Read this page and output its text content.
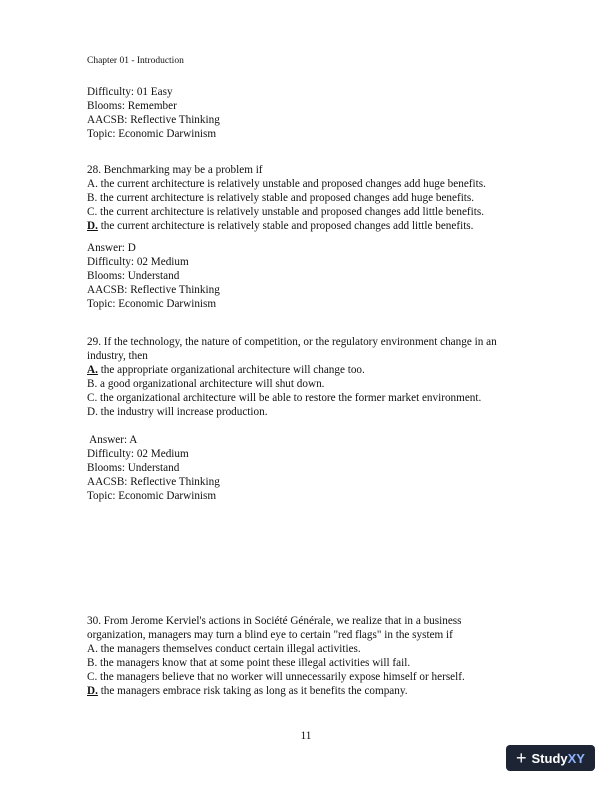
Chapter 01 - Introduction
Difficulty: 01 Easy
Blooms: Remember
AACSB: Reflective Thinking
Topic: Economic Darwinism
28. Benchmarking may be a problem if
A. the current architecture is relatively unstable and proposed changes add huge benefits.
B. the current architecture is relatively stable and proposed changes add huge benefits.
C. the current architecture is relatively unstable and proposed changes add little benefits.
D. the current architecture is relatively stable and proposed changes add little benefits.
Answer: D
Difficulty: 02 Medium
Blooms: Understand
AACSB: Reflective Thinking
Topic: Economic Darwinism
29. If the technology, the nature of competition, or the regulatory environment change in an
industry, then
A. the appropriate organizational architecture will change too.
B. a good organizational architecture will shut down.
C. the organizational architecture will be able to restore the former market environment.
D. the industry will increase production.
Answer: A
Difficulty: 02 Medium
Blooms: Understand
AACSB: Reflective Thinking
Topic: Economic Darwinism
30. From Jerome Kerviel's actions in Société Générale, we realize that in a business
organization, managers may turn a blind eye to certain "red flags" in the system if
A. the managers themselves conduct certain illegal activities.
B. the managers know that at some point these illegal activities will fail.
C. the managers believe that no worker will unnecessarily expose himself or herself.
D. the managers embrace risk taking as long as it benefits the company.
11
+ StudyXY
